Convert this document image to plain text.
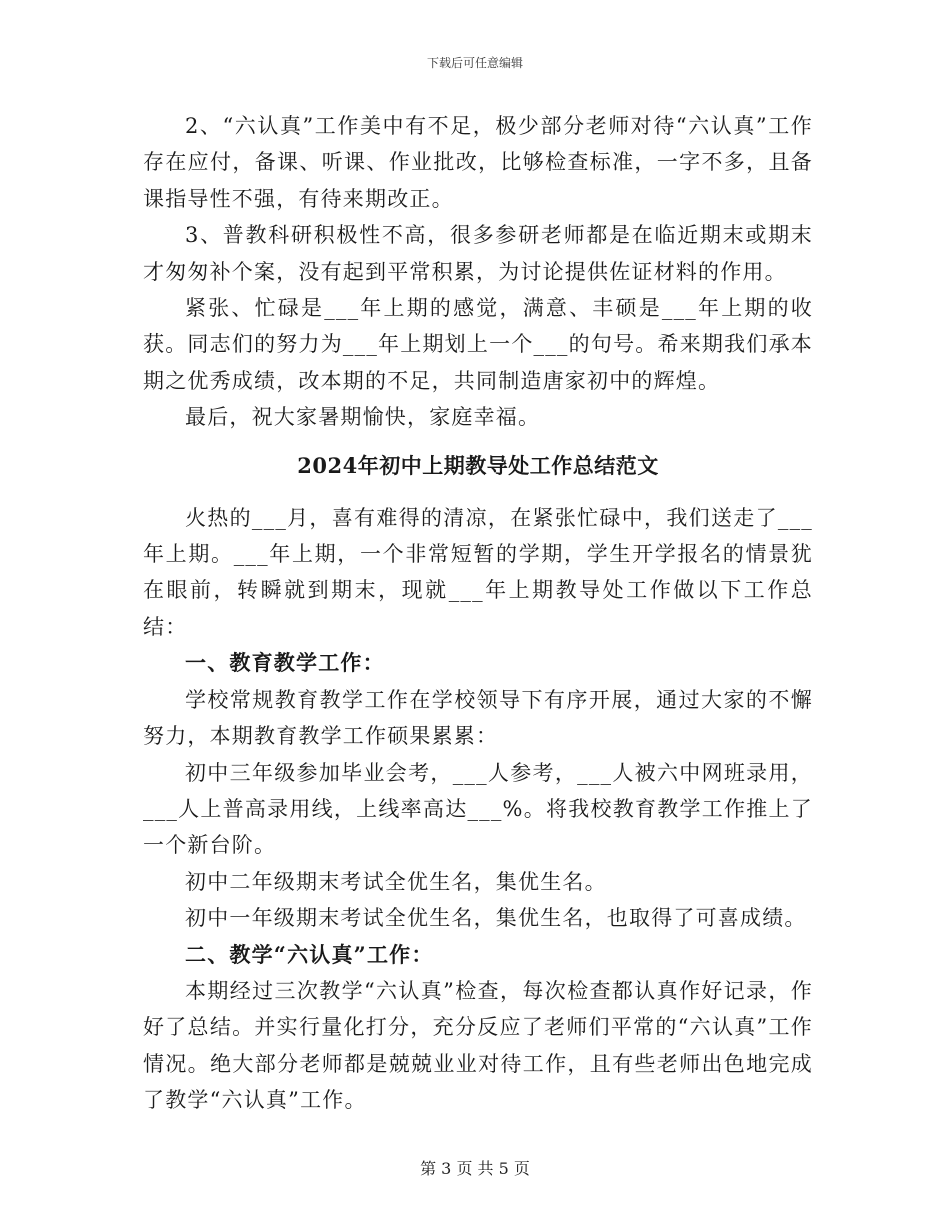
下载后可任意编辑

2、“六认真”工作美中有不足，极少部分老师对待“六认真”工作存在应付，备课、听课、作业批改，比够检查标准，一字不多，且备课指导性不强，有待来期改正。

3、普教科研积极性不高，很多参研老师都是在临近期末或期末才匆匆补个案，没有起到平常积累，为讨论提供佐证材料的作用。

紧张、忙碌是___年上期的感觉，满意、丰硕是___年上期的收获。同志们的努力为___年上期划上一个___的句号。希来期我们承本期之优秀成绩，改本期的不足，共同制造唐家初中的辉煌。

最后，祝大家暑期愉快，家庭幸福。

2024年初中上期教导处工作总结范文

火热的___月，喜有难得的清凉，在紧张忙碌中，我们送走了___年上期。___年上期，一个非常短暂的学期，学生开学报名的情景犹在眼前，转瞬就到期末，现就___年上期教导处工作做以下工作总结：

一、教育教学工作：

学校常规教育教学工作在学校领导下有序开展，通过大家的不懈努力，本期教育教学工作硕果累累：

初中三年级参加毕业会考，___人参考，___人被六中网班录用，___人上普高录用线，上线率高达___%。将我校教育教学工作推上了一个新台阶。

初中二年级期末考试全优生名，集优生名。

初中一年级期末考试全优生名，集优生名，也取得了可喜成绩。

二、教学“六认真”工作：

本期经过三次教学“六认真”检查，每次检查都认真作好记录，作好了总结。并实行量化打分，充分反应了老师们平常的“六认真”工作情况。绝大部分老师都是兢兢业业对待工作，且有些老师出色地完成了教学“六认真”工作。

第 3 页 共 5 页
